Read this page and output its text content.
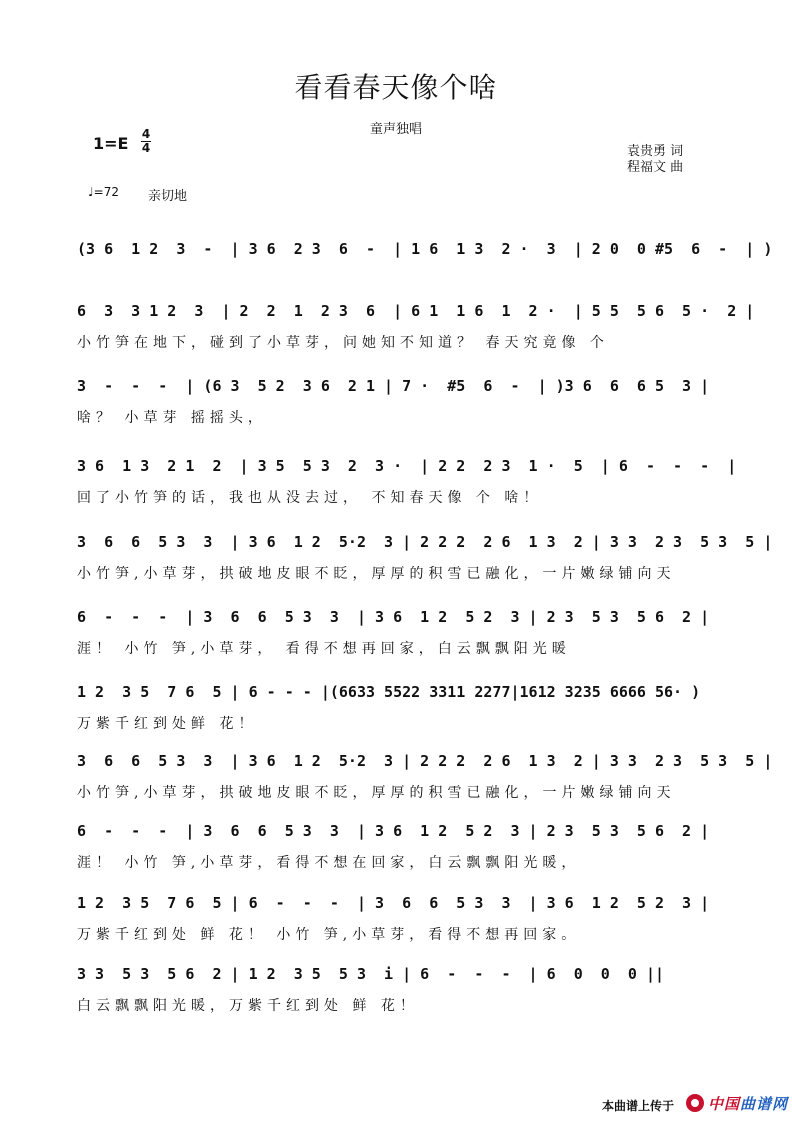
看看春天像个啥
童声独唱
1=E 4
4	袁贵勇 词
程福文 曲
♩=72 亲切地
(3 6  1 2  3  -  | 3 6  2 3  6  -  | 1 6  1 3  2 ·  3  | 2 0  0 #5  6  -  | )
6  3  3 1 2  3  | 2  2  1  2 3  6  | 6 1  1 6  1  2 ·  | 5 5  5 6  5 ·  2 |
小竹笋在地下，碰到了小草芽，问她知不知道？ 春天究竟像 个
3  -  -  -  | (6 3  5 2  3 6  2 1 | 7 ·  #5  6  -  | )3 6  6  6 5  3 |
啥？ 小草芽 摇摇头，
3 6  1 3  2 1  2  | 3 5  5 3  2  3 ·  | 2 2  2 3  1 ·  5  | 6  -  -  -  |
回了小竹笋的话，我也从没去过， 不知春天像 个 啥！
3  6  6  5 3  3  | 3 6  1 2  5·2  3 | 2 2 2  2 6  1 3  2 | 3 3  2 3  5 3  5 |
小竹笋,小草芽，拱破地皮眼不眨，厚厚的积雪已融化，一片嫩绿铺向天
6  -  -  -  | 3  6  6  5 3  3  | 3 6  1 2  5 2  3 | 2 3  5 3  5 6  2 |
涯！ 小竹 笋,小草芽， 看得不想再回家，白云飘飘阳光暖
1 2  3 5  7 6  5 | 6 - - - |(6633 5522 3311 2277|1612 3235 6666 56· )
万紫千红到处鲜 花！
3  6  6  5 3  3  | 3 6  1 2  5·2  3 | 2 2 2  2 6  1 3  2 | 3 3  2 3  5 3  5 |
小竹笋,小草芽，拱破地皮眼不眨，厚厚的积雪已融化，一片嫩绿铺向天
6  -  -  -  | 3  6  6  5 3  3  | 3 6  1 2  5 2  3 | 2 3  5 3  5 6  2 |
涯！ 小竹 笋,小草芽，看得不想在回家，白云飘飘阳光暖，
1 2  3 5  7 6  5 | 6  -  -  -  | 3  6  6  5 3  3  | 3 6  1 2  5 2  3 |
万紫千红到处 鲜 花！ 小竹 笋,小草芽，看得不想再回家。
3 3  5 3  5 6  2 | 1 2  3 5  5 3  i | 6  -  -  -  | 6  0  0  0 ||
白云飘飘阳光暖，万紫千红到处 鲜 花！
本曲谱上传于 中国曲谱网
